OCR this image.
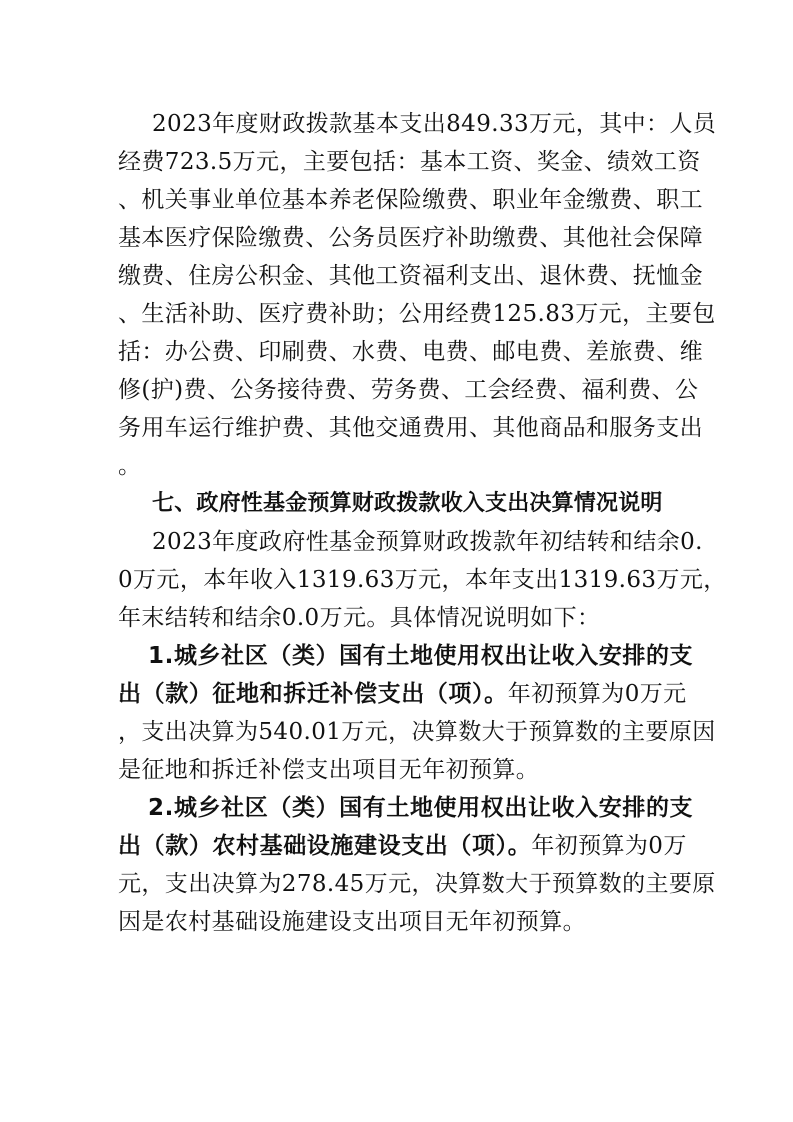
2023年度财政拨款基本支出849.33万元，其中：人员
经费723.5万元，主要包括：基本工资、奖金、绩效工资
、机关事业单位基本养老保险缴费、职业年金缴费、职工
基本医疗保险缴费、公务员医疗补助缴费、其他社会保障
缴费、住房公积金、其他工资福利支出、退休费、抚恤金
、生活补助、医疗费补助；公用经费125.83万元，主要包
括：办公费、印刷费、水费、电费、邮电费、差旅费、维
修(护)费、公务接待费、劳务费、工会经费、福利费、公
务用车运行维护费、其他交通费用、其他商品和服务支出
。
七、政府性基金预算财政拨款收入支出决算情况说明
2023年度政府性基金预算财政拨款年初结转和结余0.
0万元，本年收入1319.63万元，本年支出1319.63万元，
年末结转和结余0.0万元。具体情况说明如下：
1.城乡社区（类）国有土地使用权出让收入安排的支
出（款）征地和拆迁补偿支出（项）。年初预算为0万元
，支出决算为540.01万元，决算数大于预算数的主要原因
是征地和拆迁补偿支出项目无年初预算。
2.城乡社区（类）国有土地使用权出让收入安排的支
出（款）农村基础设施建设支出（项）。年初预算为0万
元，支出决算为278.45万元，决算数大于预算数的主要原
因是农村基础设施建设支出项目无年初预算。
